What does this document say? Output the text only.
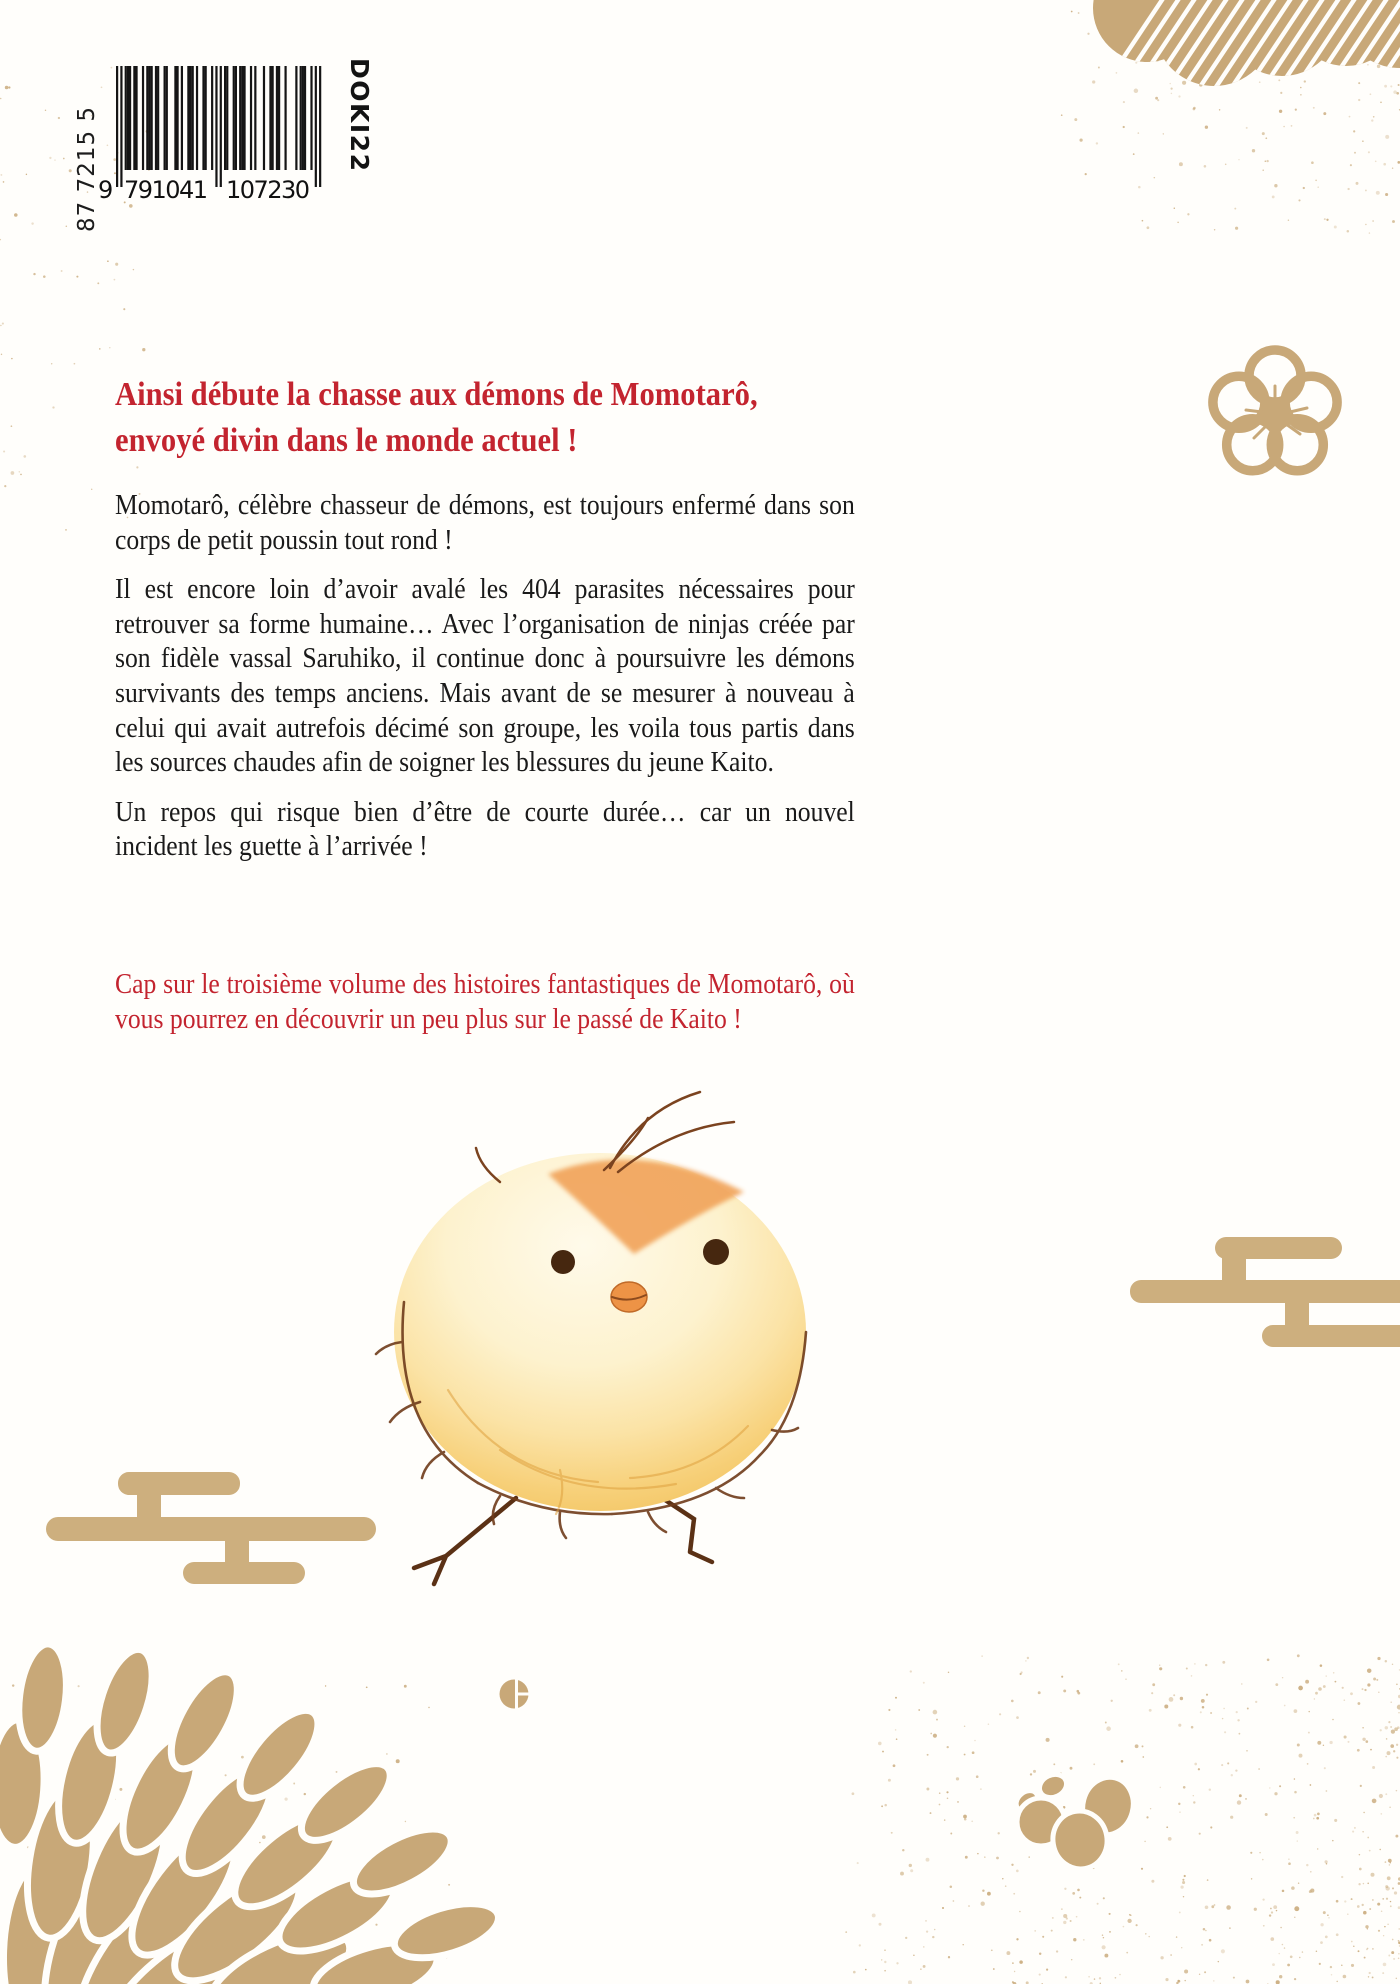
87 7215 5
9 791041 107230
DOKI22
Ainsi débute la chasse aux démons de Momotarô,
envoyé divin dans le monde actuel !

Momotarô, célèbre chasseur de démons, est toujours enfermé dans son corps de petit poussin tout rond !

Il est encore loin d’avoir avalé les 404 parasites nécessaires pour retrouver sa forme humaine… Avec l’organisation de ninjas créée par son fidèle vassal Saruhiko, il continue donc à poursuivre les démons survivants des temps anciens. Mais avant de se mesurer à nouveau à celui qui avait autrefois décimé son groupe, les voila tous partis dans les sources chaudes afin de soigner les blessures du jeune Kaito.

Un repos qui risque bien d’être de courte durée… car un nouvel incident les guette à l’arrivée !

Cap sur le troisième volume des histoires fantastiques de Momotarô, où vous pourrez en découvrir un peu plus sur le passé de Kaito !
